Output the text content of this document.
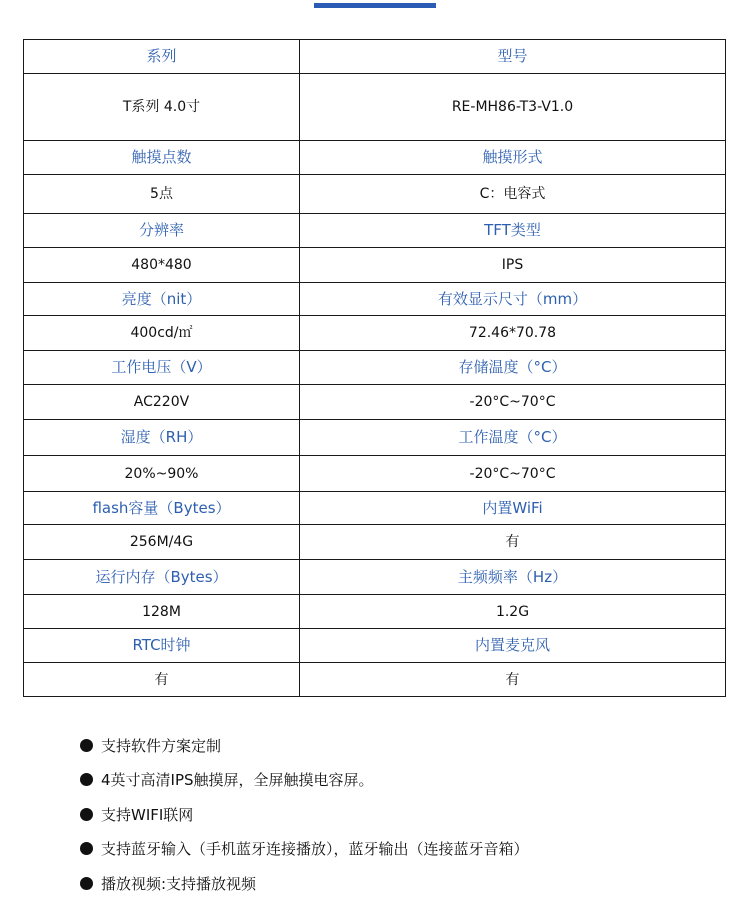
系列	型号
T系列 4.0寸	RE-MH86-T3-V1.0
触摸点数	触摸形式
5点	C：电容式
分辨率	TFT类型
480*480	IPS
亮度（nit）	有效显示尺寸（mm）
400cd/㎡	72.46*70.78
工作电压（V）	存储温度（°C）
AC220V	-20°C~70°C
湿度（RH）	工作温度（°C）
20%~90%	-20°C~70°C
flash容量（Bytes）	内置WiFi
256M/4G	有
运行内存（Bytes）	主频频率（Hz）
128M	1.2G
RTC时钟	内置麦克风
有	有
支持软件方案定制
4英寸高清IPS触摸屏，全屏触摸电容屏。
支持WIFI联网
支持蓝牙输入（手机蓝牙连接播放），蓝牙输出（连接蓝牙音箱）
播放视频:支持播放视频
